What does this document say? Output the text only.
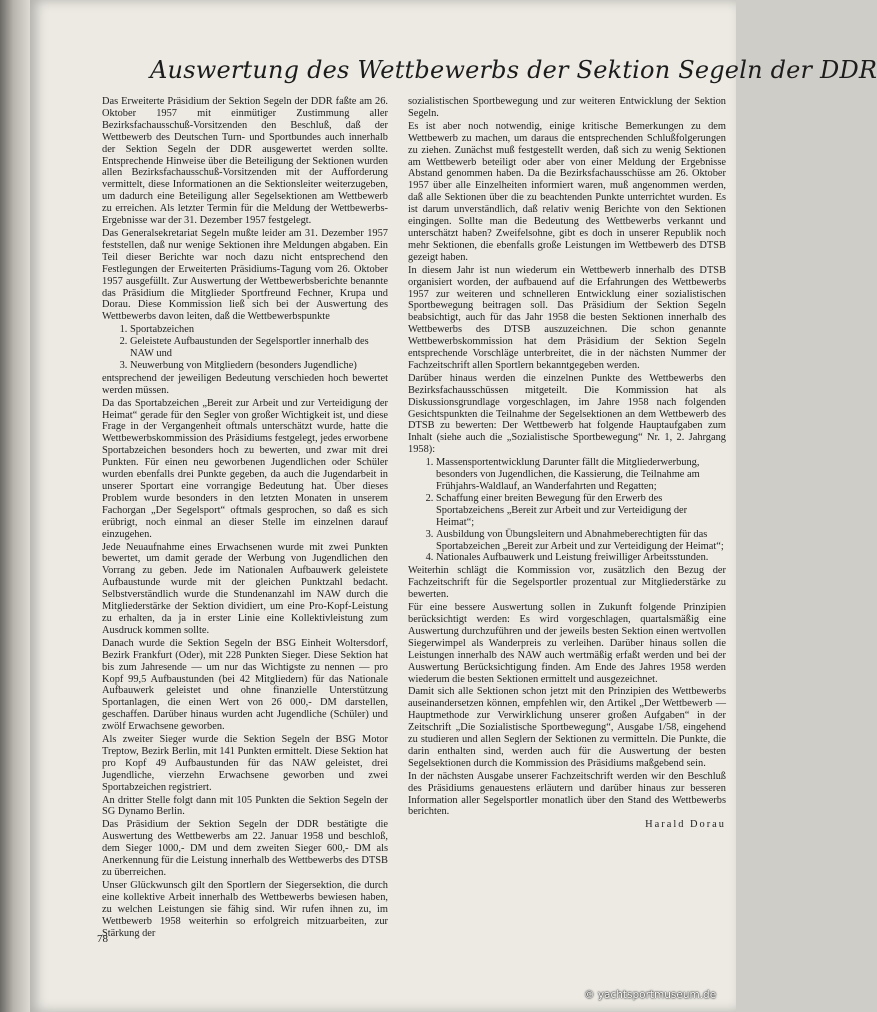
Auswertung des Wettbewerbs der Sektion Segeln der DDR

Das Erweiterte Präsidium der Sektion Segeln der DDR faßte am 26. Oktober 1957 mit einmütiger Zustimmung aller Bezirksfachausschuß-Vorsitzenden den Beschluß, daß der Wettbewerb des Deutschen Turn- und Sportbundes auch innerhalb der Sektion Segeln der DDR ausgewertet werden sollte. Entsprechende Hinweise über die Beteiligung der Sektionen wurden allen Bezirksfachausschuß-Vorsitzenden mit der Aufforderung vermittelt, diese Informationen an die Sektionsleiter weiterzugeben, um dadurch eine Beteiligung aller Segelsektionen am Wettbewerb zu erreichen. Als letzter Termin für die Meldung der Wettbewerbs-Ergebnisse war der 31. Dezember 1957 festgelegt.

Das Generalsekretariat Segeln mußte leider am 31. Dezember 1957 feststellen, daß nur wenige Sektionen ihre Meldungen abgaben. Ein Teil dieser Berichte war noch dazu nicht entsprechend den Festlegungen der Erweiterten Präsidiums-Tagung vom 26. Oktober 1957 ausgefüllt. Zur Auswertung der Wettbewerbsberichte benannte das Präsidium die Mitglieder Sportfreund Fechner, Krupa und Dorau. Diese Kommission ließ sich bei der Auswertung des Wettbewerbs davon leiten, daß die Wettbewerbspunkte

1. Sportabzeichen
2. Geleistete Aufbaustunden der Segelsportler innerhalb des NAW und
3. Neuwerbung von Mitgliedern (besonders Jugendliche)

entsprechend der jeweiligen Bedeutung verschieden hoch bewertet werden müssen.

Da das Sportabzeichen „Bereit zur Arbeit und zur Verteidigung der Heimat“ gerade für den Segler von großer Wichtigkeit ist, und diese Frage in der Vergangenheit oftmals unterschätzt wurde, hatte die Wettbewerbskommission des Präsidiums festgelegt, jedes erworbene Sportabzeichen besonders hoch zu bewerten, und zwar mit drei Punkten. Für einen neu geworbenen Jugendlichen oder Schüler wurden ebenfalls drei Punkte gegeben, da auch die Jugendarbeit in unserer Sportart eine vorrangige Bedeutung hat. Über dieses Problem wurde besonders in den letzten Monaten in unserem Fachorgan „Der Segelsport“ oftmals gesprochen, so daß es sich erübrigt, noch einmal an dieser Stelle im einzelnen darauf einzugehen.

Jede Neuaufnahme eines Erwachsenen wurde mit zwei Punkten bewertet, um damit gerade der Werbung von Jugendlichen den Vorrang zu geben. Jede im Nationalen Aufbauwerk geleistete Aufbaustunde wurde mit der gleichen Punktzahl bedacht. Selbstverständlich wurde die Stundenanzahl im NAW durch die Mitgliederstärke der Sektion dividiert, um eine Pro-Kopf-Leistung zu erhalten, da ja in erster Linie eine Kollektivleistung zum Ausdruck kommen sollte.

Danach wurde die Sektion Segeln der BSG Einheit Woltersdorf, Bezirk Frankfurt (Oder), mit 228 Punkten Sieger. Diese Sektion hat bis zum Jahresende — um nur das Wichtigste zu nennen — pro Kopf 99,5 Aufbaustunden (bei 42 Mitgliedern) für das Nationale Aufbauwerk geleistet und ohne finanzielle Unterstützung Sportanlagen, die einen Wert von 26 000,- DM darstellen, geschaffen. Darüber hinaus wurden acht Jugendliche (Schüler) und zwölf Erwachsene geworben.

Als zweiter Sieger wurde die Sektion Segeln der BSG Motor Treptow, Bezirk Berlin, mit 141 Punkten ermittelt. Diese Sektion hat pro Kopf 49 Aufbaustunden für das NAW geleistet, drei Jugendliche, vierzehn Erwachsene geworben und zwei Sportabzeichen registriert.

An dritter Stelle folgt dann mit 105 Punkten die Sektion Segeln der SG Dynamo Berlin.

Das Präsidium der Sektion Segeln der DDR bestätigte die Auswertung des Wettbewerbs am 22. Januar 1958 und beschloß, dem Sieger 1000,- DM und dem zweiten Sieger 600,- DM als Anerkennung für die Leistung innerhalb des Wettbewerbs des DTSB zu überreichen.

Unser Glückwunsch gilt den Sportlern der Siegersektion, die durch eine kollektive Arbeit innerhalb des Wettbewerbs bewiesen haben, zu welchen Leistungen sie fähig sind. Wir rufen ihnen zu, im Wettbewerb 1958 weiterhin so erfolgreich mitzuarbeiten, zur Stärkung der

sozialistischen Sportbewegung und zur weiteren Entwicklung der Sektion Segeln.

Es ist aber noch notwendig, einige kritische Bemerkungen zu dem Wettbewerb zu machen, um daraus die entsprechenden Schlußfolgerungen zu ziehen. Zunächst muß festgestellt werden, daß sich zu wenig Sektionen am Wettbewerb beteiligt oder aber von einer Meldung der Ergebnisse Abstand genommen haben. Da die Bezirksfachausschüsse am 26. Oktober 1957 über alle Einzelheiten informiert waren, muß angenommen werden, daß alle Sektionen über die zu beachtenden Punkte unterrichtet wurden. Es ist darum unverständlich, daß relativ wenig Berichte von den Sektionen eingingen. Sollte man die Bedeutung des Wettbewerbs verkannt und unterschätzt haben? Zweifelsohne, gibt es doch in unserer Republik noch mehr Sektionen, die ebenfalls große Leistungen im Wettbewerb des DTSB gezeigt haben.

In diesem Jahr ist nun wiederum ein Wettbewerb innerhalb des DTSB organisiert worden, der aufbauend auf die Erfahrungen des Wettbewerbs 1957 zur weiteren und schnelleren Entwicklung einer sozialistischen Sportbewegung beitragen soll. Das Präsidium der Sektion Segeln beabsichtigt, auch für das Jahr 1958 die besten Sektionen innerhalb des Wettbewerbs des DTSB auszuzeichnen. Die schon genannte Wettbewerbskommission hat dem Präsidium der Sektion Segeln entsprechende Vorschläge unterbreitet, die in der nächsten Nummer der Fachzeitschrift allen Sportlern bekanntgegeben werden.

Darüber hinaus werden die einzelnen Punkte des Wettbewerbs den Bezirksfachausschüssen mitgeteilt. Die Kommission hat als Diskussionsgrundlage vorgeschlagen, im Jahre 1958 nach folgenden Gesichtspunkten die Teilnahme der Segelsektionen an dem Wettbewerb des DTSB zu bewerten: Der Wettbewerb hat folgende Hauptaufgaben zum Inhalt (siehe auch die „Sozialistische Sportbewegung“ Nr. 1, 2. Jahrgang 1958):

1. Massensportentwicklung Darunter fällt die Mitgliederwerbung, besonders von Jugendlichen, die Kassierung, die Teilnahme am Frühjahrs-Waldlauf, an Wanderfahrten und Regatten;
2. Schaffung einer breiten Bewegung für den Erwerb des Sportabzeichens „Bereit zur Arbeit und zur Verteidigung der Heimat“;
3. Ausbildung von Übungsleitern und Abnahmeberechtigten für das Sportabzeichen „Bereit zur Arbeit und zur Verteidigung der Heimat“;
4. Nationales Aufbauwerk und Leistung freiwilliger Arbeitsstunden.

Weiterhin schlägt die Kommission vor, zusätzlich den Bezug der Fachzeitschrift für die Segelsportler prozentual zur Mitgliederstärke zu bewerten.

Für eine bessere Auswertung sollen in Zukunft folgende Prinzipien berücksichtigt werden: Es wird vorgeschlagen, quartalsmäßig eine Auswertung durchzuführen und der jeweils besten Sektion einen wertvollen Siegerwimpel als Wanderpreis zu verleihen. Darüber hinaus sollen die Leistungen innerhalb des NAW auch wertmäßig erfaßt werden und bei der Auswertung Berücksichtigung finden. Am Ende des Jahres 1958 werden wiederum die besten Sektionen ermittelt und ausgezeichnet.

Damit sich alle Sektionen schon jetzt mit den Prinzipien des Wettbewerbs auseinandersetzen können, empfehlen wir, den Artikel „Der Wettbewerb — Hauptmethode zur Verwirklichung unserer großen Aufgaben“ in der Zeitschrift „Die Sozialistische Sportbewegung“, Ausgabe 1/58, eingehend zu studieren und allen Seglern der Sektionen zu vermitteln. Die Punkte, die darin enthalten sind, werden auch für die Auswertung der besten Segelsektionen durch die Kommission des Präsidiums maßgebend sein.

In der nächsten Ausgabe unserer Fachzeitschrift werden wir den Beschluß des Präsidiums genauestens erläutern und darüber hinaus zur besseren Information aller Segelsportler monatlich über den Stand des Wettbewerbs berichten.

Harald Dorau

78
© yachtsportmuseum.de
